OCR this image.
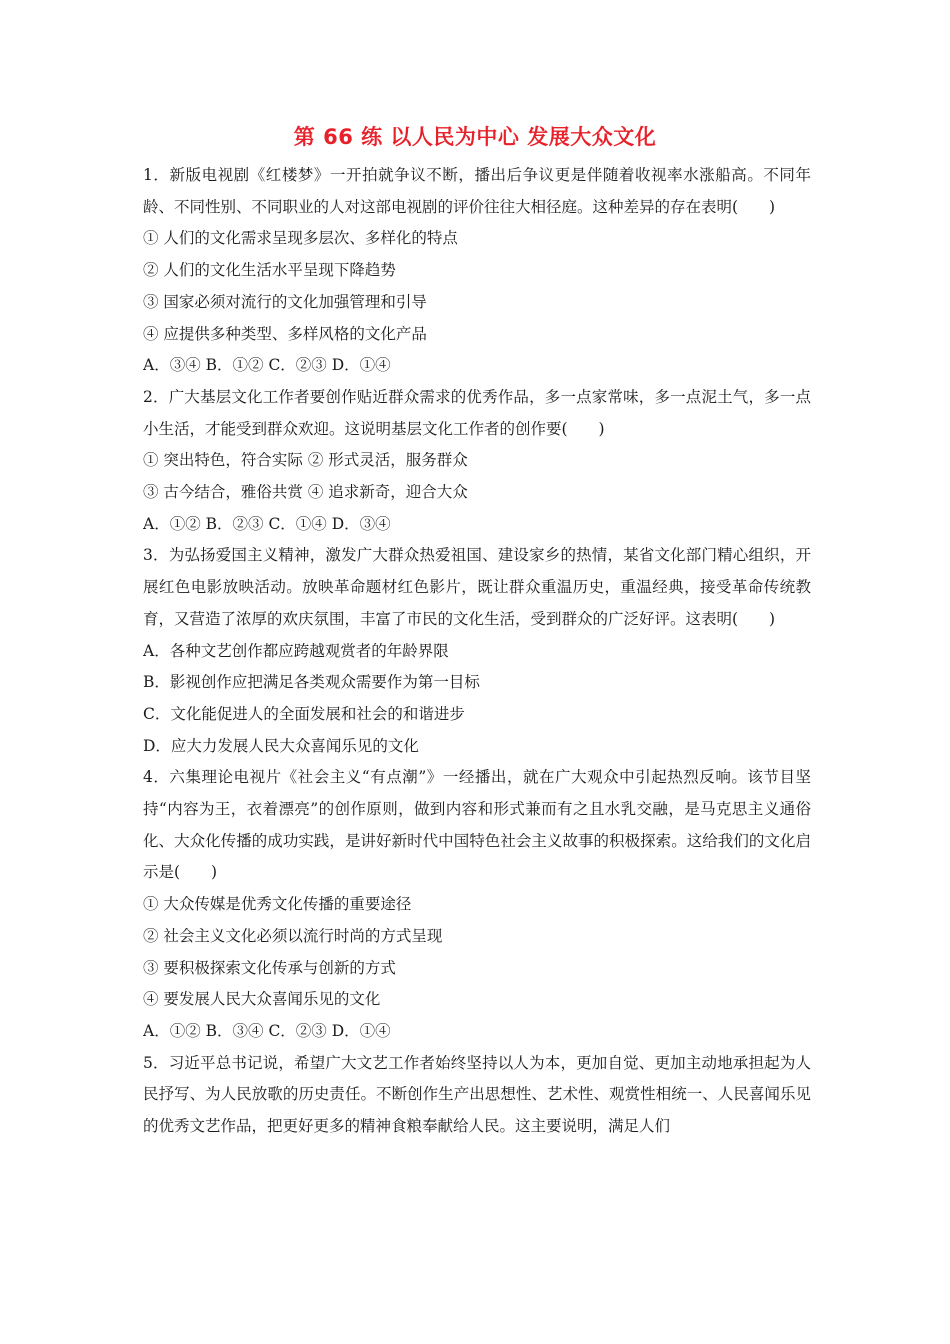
第 66 练 以人民为中心 发展大众文化
1．新版电视剧《红楼梦》一开拍就争议不断，播出后争议更是伴随着收视率水涨船高。不同年龄、不同性别、不同职业的人对这部电视剧的评价往往大相径庭。这种差异的存在表明(　　)
① 人们的文化需求呈现多层次、多样化的特点
② 人们的文化生活水平呈现下降趋势
③ 国家必须对流行的文化加强管理和引导
④ 应提供多种类型、多样风格的文化产品
A．③④ B．①② C．②③ D．①④
2．广大基层文化工作者要创作贴近群众需求的优秀作品，多一点家常味，多一点泥土气，多一点小生活，才能受到群众欢迎。这说明基层文化工作者的创作要(　　)
① 突出特色，符合实际 ② 形式灵活，服务群众
③ 古今结合，雅俗共赏 ④ 追求新奇，迎合大众
A．①② B．②③ C．①④ D．③④
3．为弘扬爱国主义精神，激发广大群众热爱祖国、建设家乡的热情，某省文化部门精心组织，开展红色电影放映活动。放映革命题材红色影片，既让群众重温历史，重温经典，接受革命传统教育，又营造了浓厚的欢庆氛围，丰富了市民的文化生活，受到群众的广泛好评。这表明(　　)
A．各种文艺创作都应跨越观赏者的年龄界限
B．影视创作应把满足各类观众需要作为第一目标
C．文化能促进人的全面发展和社会的和谐进步
D．应大力发展人民大众喜闻乐见的文化
4．六集理论电视片《社会主义“有点潮”》一经播出，就在广大观众中引起热烈反响。该节目坚持“内容为王，衣着漂亮”的创作原则，做到内容和形式兼而有之且水乳交融，是马克思主义通俗化、大众化传播的成功实践，是讲好新时代中国特色社会主义故事的积极探索。这给我们的文化启示是(　　)
① 大众传媒是优秀文化传播的重要途径
② 社会主义文化必须以流行时尚的方式呈现
③ 要积极探索文化传承与创新的方式
④ 要发展人民大众喜闻乐见的文化
A．①② B．③④ C．②③ D．①④
5．习近平总书记说，希望广大文艺工作者始终坚持以人为本，更加自觉、更加主动地承担起为人民抒写、为人民放歌的历史责任。不断创作生产出思想性、艺术性、观赏性相统一、人民喜闻乐见的优秀文艺作品，把更好更多的精神食粮奉献给人民。这主要说明，满足人们
